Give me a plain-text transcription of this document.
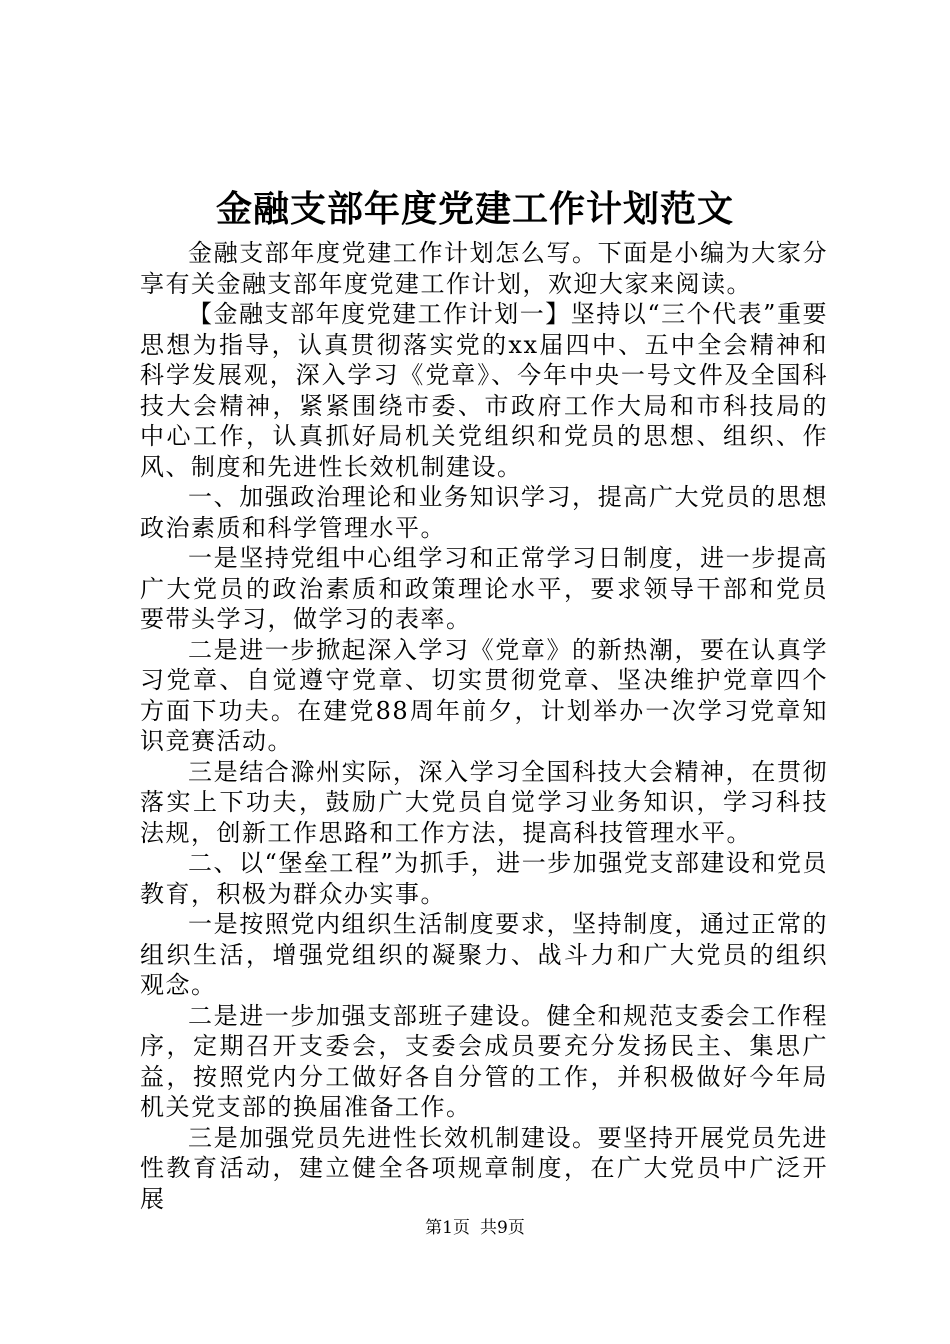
金融支部年度党建工作计划范文

金融支部年度党建工作计划怎么写。下面是小编为大家分享有关金融支部年度党建工作计划，欢迎大家来阅读。

【金融支部年度党建工作计划一】坚持以“三个代表”重要思想为指导，认真贯彻落实党的xx届四中、五中全会精神和科学发展观，深入学习《党章》、今年中央一号文件及全国科技大会精神，紧紧围绕市委、市政府工作大局和市科技局的中心工作，认真抓好局机关党组织和党员的思想、组织、作风、制度和先进性长效机制建设。

一、加强政治理论和业务知识学习，提高广大党员的思想政治素质和科学管理水平。

一是坚持党组中心组学习和正常学习日制度，进一步提高广大党员的政治素质和政策理论水平，要求领导干部和党员要带头学习，做学习的表率。

二是进一步掀起深入学习《党章》的新热潮，要在认真学习党章、自觉遵守党章、切实贯彻党章、坚决维护党章四个方面下功夫。在建党88周年前夕，计划举办一次学习党章知识竞赛活动。

三是结合滁州实际，深入学习全国科技大会精神，在贯彻落实上下功夫，鼓励广大党员自觉学习业务知识，学习科技法规，创新工作思路和工作方法，提高科技管理水平。

二、以“堡垒工程”为抓手，进一步加强党支部建设和党员教育，积极为群众办实事。

一是按照党内组织生活制度要求，坚持制度，通过正常的组织生活，增强党组织的凝聚力、战斗力和广大党员的组织观念。

二是进一步加强支部班子建设。健全和规范支委会工作程序，定期召开支委会，支委会成员要充分发扬民主、集思广益，按照党内分工做好各自分管的工作，并积极做好今年局机关党支部的换届准备工作。

三是加强党员先进性长效机制建设。要坚持开展党员先进性教育活动，建立健全各项规章制度，在广大党员中广泛开展

第1页 共9页
